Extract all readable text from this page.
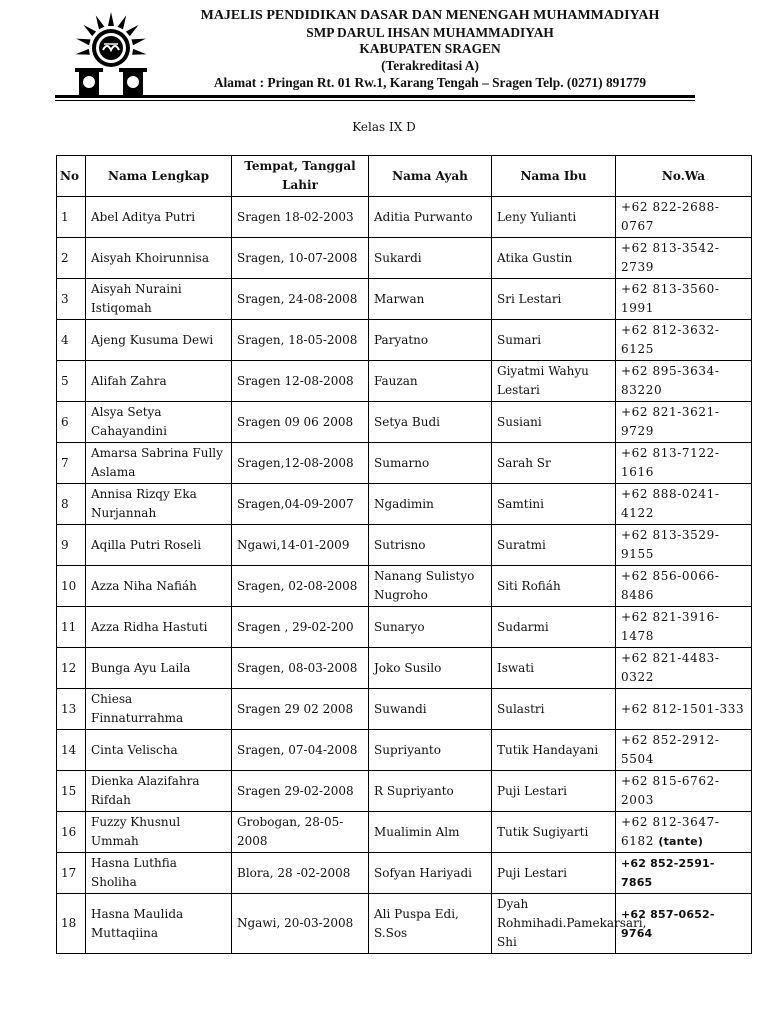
MAJELIS PENDIDIKAN DASAR DAN MENENGAH MUHAMMADIYAH
SMP DARUL IHSAN MUHAMMADIYAH
KABUPATEN SRAGEN
(Terakreditasi A)
Alamat : Pringan Rt. 01 Rw.1, Karang Tengah – Sragen Telp. (0271) 891779
Kelas IX D
No	Nama Lengkap	Tempat, Tanggal Lahir	Nama Ayah	Nama Ibu	No.Wa
1	Abel Aditya Putri	Sragen 18-02-2003	Aditia Purwanto	Leny Yulianti	+62 822-2688-0767
2	Aisyah Khoirunnisa	Sragen, 10-07-2008	Sukardi	Atika Gustin	+62 813-3542-2739
3	Aisyah Nuraini Istiqomah	Sragen, 24-08-2008	Marwan	Sri Lestari	+62 813-3560-1991
4	Ajeng Kusuma Dewi	Sragen, 18-05-2008	Paryatno	Sumari	+62 812-3632-6125
5	Alifah Zahra	Sragen 12-08-2008	Fauzan	Giyatmi Wahyu Lestari	+62 895-3634-83220
6	Alsya Setya Cahayandini	Sragen 09 06 2008	Setya Budi	Susiani	+62 821-3621-9729
7	Amarsa Sabrina Fully Aslama	Sragen,12-08-2008	Sumarno	Sarah Sr	+62 813-7122-1616
8	Annisa Rizqy Eka Nurjannah	Sragen,04-09-2007	Ngadimin	Samtini	+62 888-0241-4122
9	Aqilla Putri Roseli	Ngawi,14-01-2009	Sutrisno	Suratmi	+62 813-3529-9155
10	Azza Niha Nafiáh	Sragen, 02-08-2008	Nanang Sulistyo Nugroho	Siti Rofiáh	+62 856-0066-8486
11	Azza Ridha Hastuti	Sragen , 29-02-200	Sunaryo	Sudarmi	+62 821-3916-1478
12	Bunga Ayu Laila	Sragen, 08-03-2008	Joko Susilo	Iswati	+62 821-4483-0322
13	Chiesa Finnaturrahma	Sragen 29 02 2008	Suwandi	Sulastri	+62 812-1501-333
14	Cinta Velischa	Sragen, 07-04-2008	Supriyanto	Tutik Handayani	+62 852-2912-5504
15	Dienka Alazifahra Rifdah	Sragen 29-02-2008	R Supriyanto	Puji Lestari	+62 815-6762-2003
16	Fuzzy Khusnul Ummah	Grobogan, 28-05-2008	Mualimin Alm	Tutik Sugiyarti	+62 812-3647-6182 (tante)
17	Hasna Luthfia Sholiha	Blora, 28 -02-2008	Sofyan Hariyadi	Puji Lestari	+62 852-2591-7865
18	Hasna Maulida Muttaqiina	Ngawi, 20-03-2008	Ali Puspa Edi, S.Sos	Dyah Rohmihadi.Pamekarsari, Shi	+62 857-0652-9764
